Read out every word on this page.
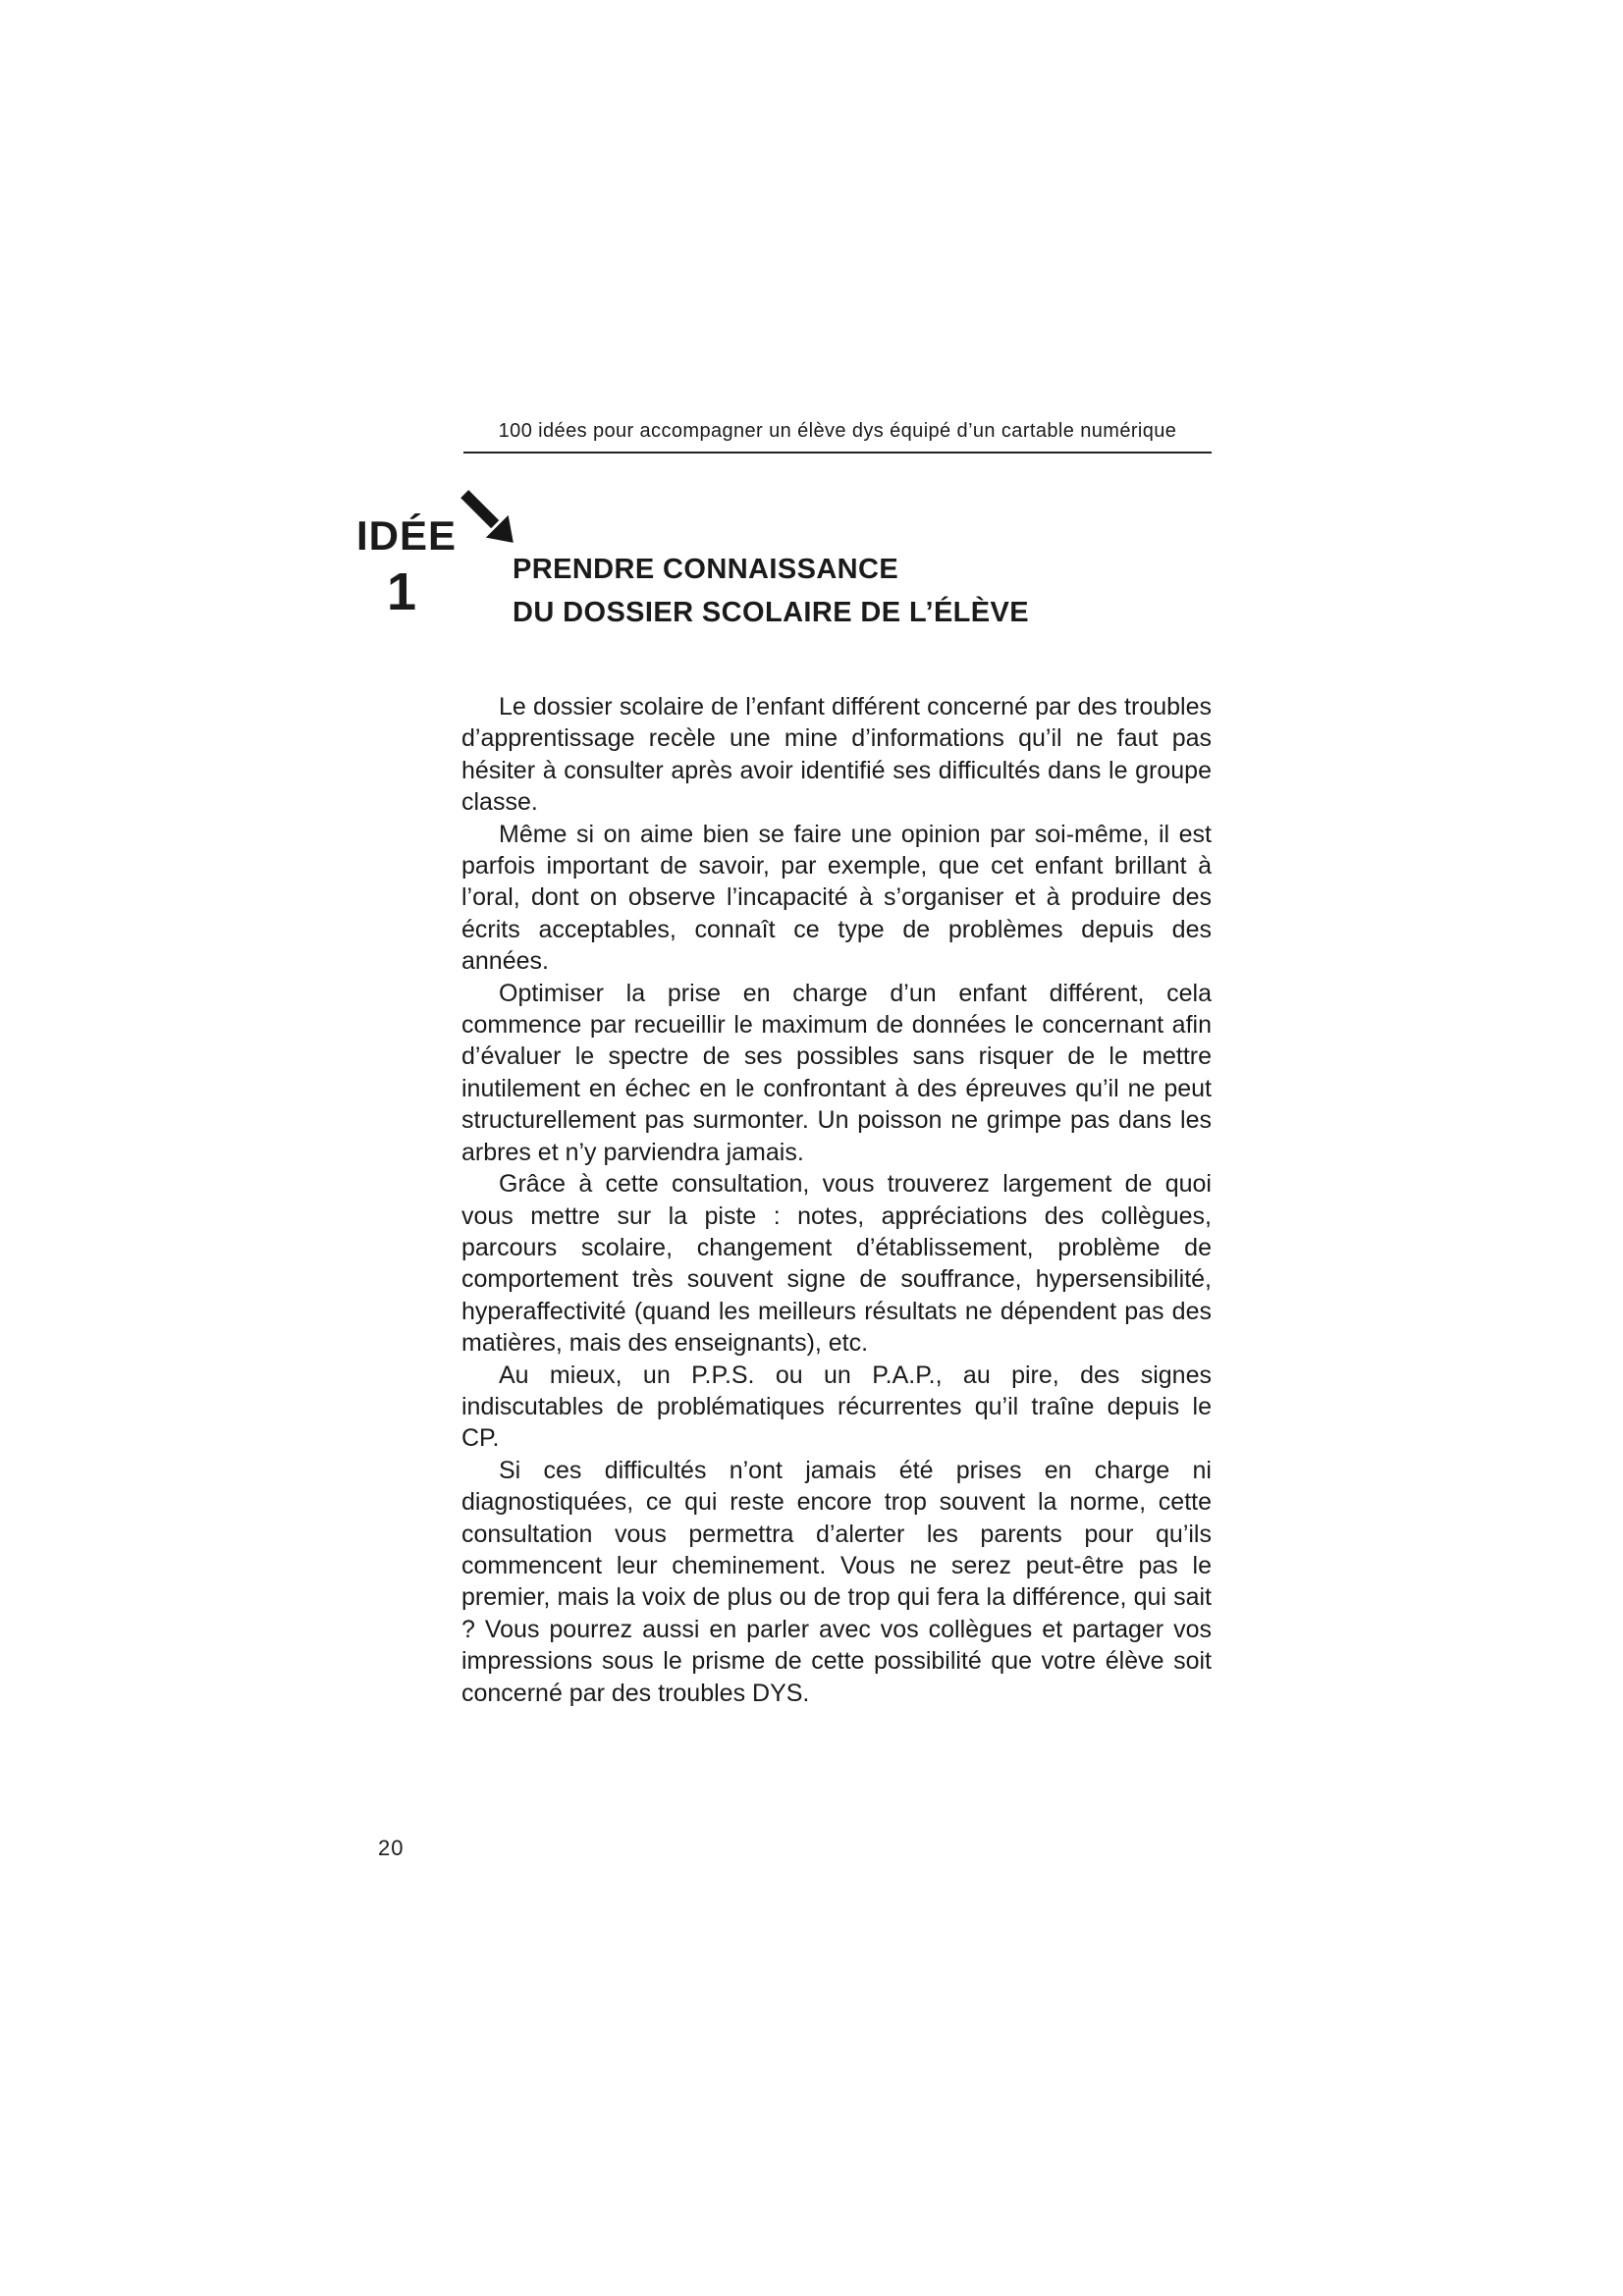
100 idées pour accompagner un élève dys équipé d’un cartable numérique
IDÉE
1	PRENDRE CONNAISSANCE
DU DOSSIER SCOLAIRE DE L’ÉLÈVE

Le dossier scolaire de l’enfant différent concerné par des troubles d’apprentissage recèle une mine d’informations qu’il ne faut pas hésiter à consulter après avoir identifié ses difficultés dans le groupe classe.

Même si on aime bien se faire une opinion par soi-même, il est parfois important de savoir, par exemple, que cet enfant brillant à l’oral, dont on observe l’incapacité à s’organiser et à produire des écrits acceptables, connaît ce type de problèmes depuis des années.

Optimiser la prise en charge d’un enfant différent, cela commence par recueillir le maximum de données le concernant afin d’évaluer le spectre de ses possibles sans risquer de le mettre inutilement en échec en le confrontant à des épreuves qu’il ne peut structurellement pas surmonter. Un poisson ne grimpe pas dans les arbres et n’y parviendra jamais.

Grâce à cette consultation, vous trouverez largement de quoi vous mettre sur la piste : notes, appréciations des collègues, parcours scolaire, changement d’établissement, problème de comportement très souvent signe de souffrance, hypersensibilité, hyperaffectivité (quand les meilleurs résultats ne dépendent pas des matières, mais des enseignants), etc.

Au mieux, un P.P.S. ou un P.A.P., au pire, des signes indiscutables de problématiques récurrentes qu’il traîne depuis le CP.

Si ces difficultés n’ont jamais été prises en charge ni diagnostiquées, ce qui reste encore trop souvent la norme, cette consultation vous permettra d’alerter les parents pour qu’ils commencent leur cheminement. Vous ne serez peut-être pas le premier, mais la voix de plus ou de trop qui fera la différence, qui sait ? Vous pourrez aussi en parler avec vos collègues et partager vos impressions sous le prisme de cette possibilité que votre élève soit concerné par des troubles DYS.

20
